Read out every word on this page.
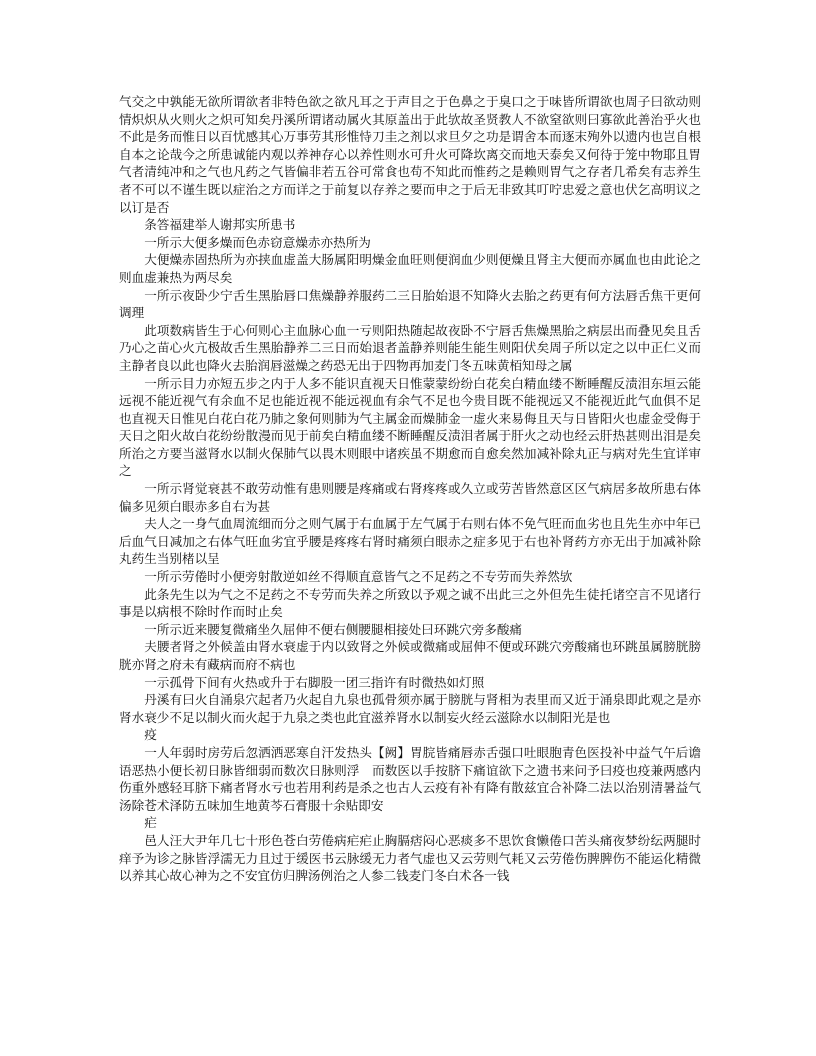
气交之中孰能无欲所谓欲者非特色欲之欲凡耳之于声目之于色鼻之于臭口之于味皆所谓欲也周子曰欲动则情炽炽从火则火之炽可知矣丹溪所谓诸动属火其原盖出于此欤故圣贤教人不欲窒欲则曰寡欲此善治乎火也不此是务而惟日以百忧感其心万事劳其形惟恃刀圭之剂以求旦夕之功是谓舍本而逐末殉外以遗内也岂自根自本之论哉今之所患诚能内观以养神存心以养性则水可升火可降坎离交而地天泰矣又何待于笼中物耶且胃气者清纯冲和之气也凡药之气皆偏非若五谷可常食也苟不知此而惟药之是赖则胃气之存者几希矣有志养生者不可以不谨生既以症治之方而详之于前复以存养之要而申之于后无非致其叮咛忠爱之意也伏乞高明议之以订是否

条答福建举人谢邦实所患书

一所示大便多燥而色赤窃意燥赤亦热所为

大便燥赤固热所为亦挟血虚盖大肠属阳明燥金血旺则便润血少则便燥且肾主大便而亦属血也由此论之则血虚兼热为两尽矣

一所示夜卧少宁舌生黑胎唇口焦燥静养服药二三日胎始退不知降火去胎之药更有何方法唇舌焦干更何调理

此项数病皆生于心何则心主血脉心血一亏则阳热随起故夜卧不宁唇舌焦燥黑胎之病层出而叠见矣且舌乃心之苗心火亢极故舌生黑胎静养二三日而始退者盖静养则能生能生则阳伏矣周子所以定之以中正仁义而主静者良以此也降火去胎润唇滋燥之药恐无出于四物再加麦门冬五味黄栢知母之属

一所示目力亦短五步之内于人多不能识直视天日惟蒙蒙纷纷白花矣白精血缕不断睡醒反渍泪东垣云能远视不能近视气有余血不足也能近视不能远视血有余气不足也今贵目既不能视远又不能视近此气血俱不足也直视天日惟见白花白花乃肺之象何则肺为气主属金而燥肺金一虚火来易侮且天与日皆阳火也虚金受侮于天日之阳火故白花纷纷散漫而见于前矣白精血缕不断睡醒反渍泪者属于肝火之动也经云肝热甚则出泪是矣所治之方要当滋肾水以制火保肺气以畏木则眼中诸疾虽不期愈而自愈矣然加减补除丸正与病对先生宜详审之

一所示肾觉衰甚不敢劳动惟有患则腰是疼痛或右肾疼疼或久立或劳苦皆然意区区气病居多故所患右体偏多见须白眼赤多自右为甚

夫人之一身气血周流细而分之则气属于右血属于左气属于右则右体不免气旺而血劣也且先生亦中年已后血气日减加之右体气旺血劣宜乎腰是疼疼右肾时痛须白眼赤之症多见于右也补肾药方亦无出于加减补除丸药生当别楮以呈

一所示劳倦时小便旁射散逆如丝不得顺直意皆气之不足药之不专劳而失养然欤

此条先生以为气之不足药之不专劳而失养之所致以予观之诚不出此三之外但先生徒托诸空言不见诸行事是以病根不除时作而时止矣

一所示近来腰复微痛坐久屈伸不便右侧腰腿相接处曰环跳穴旁多酸痛

夫腰者肾之外候盖由肾水衰虚于内以致肾之外候或微痛或屈伸不便或环跳穴旁酸痛也环跳虽属膀胱膀胱亦肾之府未有藏病而府不病也

一示孤骨下间有火热或升于右脚股一团三指许有时微热如灯照

丹溪有曰火自涌泉穴起者乃火起自九泉也孤骨须亦属于膀胱与肾相为表里而又近于涌泉即此观之是亦肾水衰少不足以制火而火起于九泉之类也此宜滋养肾水以制妄火经云滋除水以制阳光是也

疫

一人年弱时房劳后忽洒洒恶寒自汗发热头【阙】胃脘皆痛唇赤舌强口吐眼胞青色医投补中益气午后谵语恶热小便长初日脉皆细弱而数次日脉则浮　而数医以手按脐下痛谊欲下之遗书来问予曰疫也疫兼两感内伤重外感轻耳脐下痛者肾水亏也若用利药是杀之也古人云疫有补有降有散兹宜合补降二法以治别清暑益气汤除苍术泽防五味加生地黄芩石膏服十余贴即安

疟

邑人汪大尹年几七十形色苍白劳倦病疟疟止胸膈痞闷心恶痰多不思饮食懒倦口苦头痛夜梦纷纭两腿时痒予为诊之脉皆浮濡无力且过于缓医书云脉缓无力者气虚也又云劳则气耗又云劳倦伤脾脾伤不能运化精微以养其心故心神为之不安宜仿归脾汤例治之人参二钱麦门冬白术各一钱
